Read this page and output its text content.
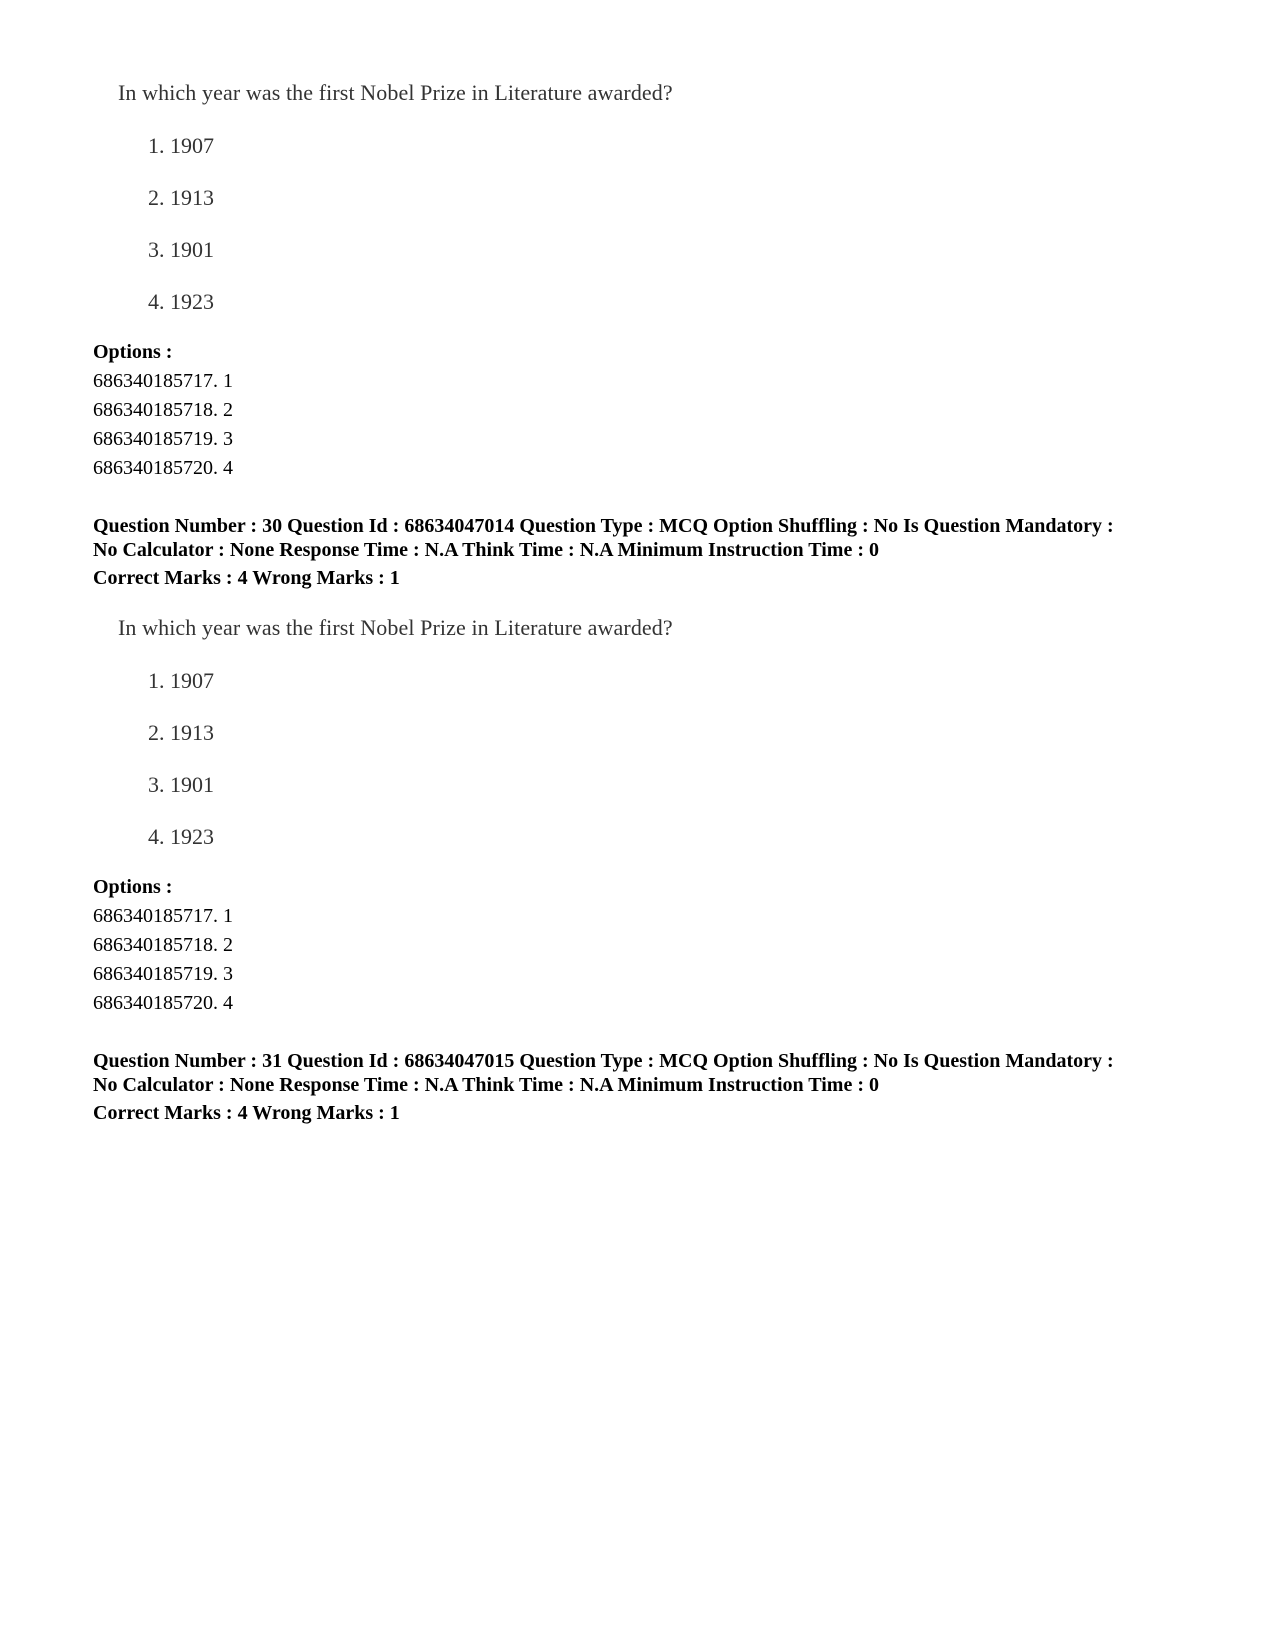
In which year was the first Nobel Prize in Literature awarded?
1. 1907
2. 1913
3. 1901
4. 1923
Options :
686340185717. 1
686340185718. 2
686340185719. 3
686340185720. 4
Question Number : 30 Question Id : 68634047014 Question Type : MCQ Option Shuffling : No Is Question Mandatory :
No Calculator : None Response Time : N.A Think Time : N.A Minimum Instruction Time : 0
Correct Marks : 4 Wrong Marks : 1
In which year was the first Nobel Prize in Literature awarded?
1. 1907
2. 1913
3. 1901
4. 1923
Options :
686340185717. 1
686340185718. 2
686340185719. 3
686340185720. 4
Question Number : 31 Question Id : 68634047015 Question Type : MCQ Option Shuffling : No Is Question Mandatory :
No Calculator : None Response Time : N.A Think Time : N.A Minimum Instruction Time : 0
Correct Marks : 4 Wrong Marks : 1
